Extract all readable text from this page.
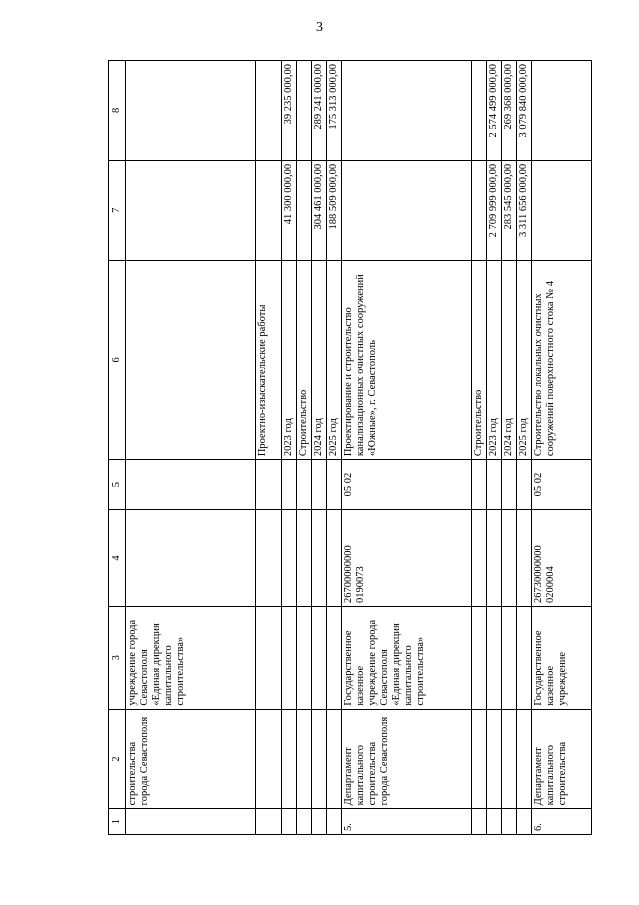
3
1	2	3	4	5	6	7	8
	строительства города Севастополя	учреждение города Севастополя «Единая дирекция капитального строительства»					
					Проектно-изыскательские работы		
					2023 год	41 300 000,00	39 235 000,00
					Строительство		
					2024 год	304 461 000,00	289 241 000,00
					2025 год	188 509 000,00	175 313 000,00
5.	Департамент капитального строительства города Севастополя	Государственное казенное учреждение города Севастополя «Единая дирекция капитального строительства»	26700000000 0190073	05 02	Проектирование и строительство канализационных очистных сооружений «Южные», г. Севастополь		
					Строительство		
					2023 год	2 709 999 000,00	2 574 499 000,00
					2024 год	283 545 000,00	269 368 000,00
					2025 год	3 311 656 000,00	3 079 840 000,00
6.	Департамент капитального строительства	Государственное казенное учреждение	26730000000 0200004	05 02	Строительство локальных очистных сооружений поверхностного стока № 4		
